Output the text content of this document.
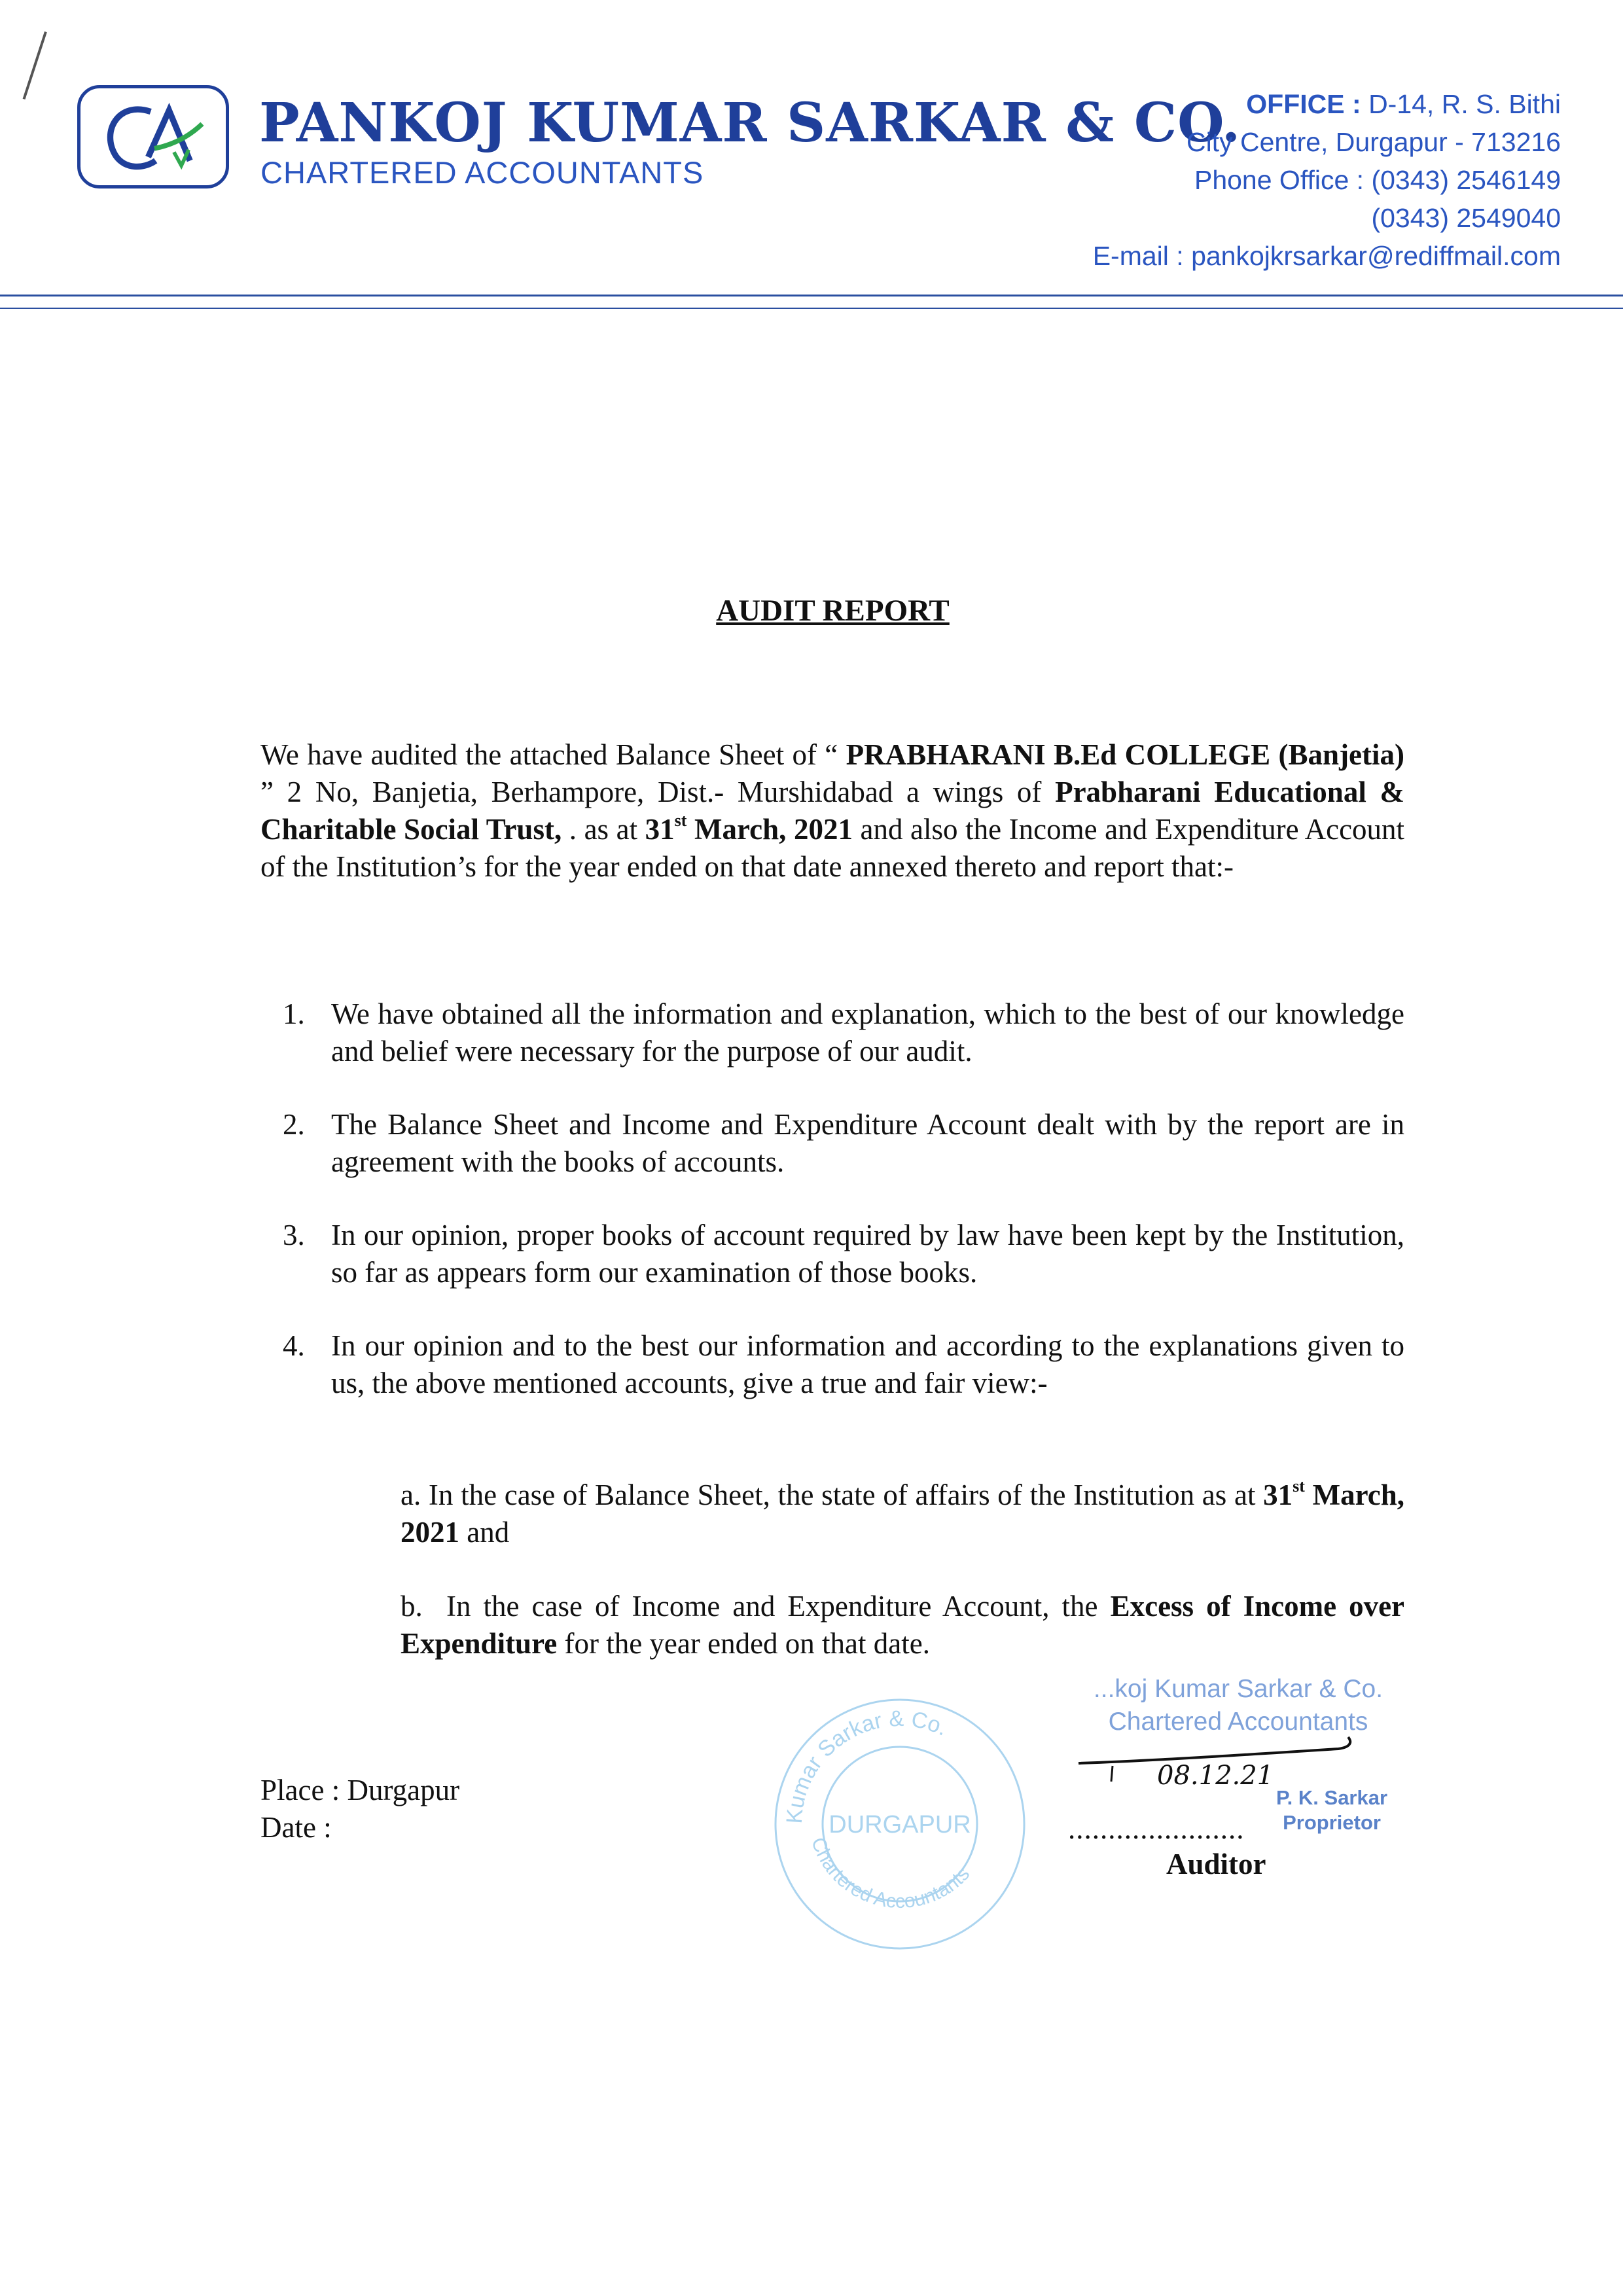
PANKOJ KUMAR SARKAR & CO.
CHARTERED ACCOUNTANTS
OFFICE : D-14, R. S. Bithi
City Centre, Durgapur - 713216
Phone Office : (0343) 2546149
(0343) 2549040
E-mail : pankojkrsarkar@rediffmail.com
AUDIT REPORT

We have audited the attached Balance Sheet of “ PRABHARANI B.Ed COLLEGE (Banjetia) ” 2 No, Banjetia, Berhampore, Dist.- Murshidabad a wings of Prabharani Educational & Charitable Social Trust, . as at 31st March, 2021 and also the Income and Expenditure Account of the Institution’s for the year ended on that date annexed thereto and report that:-

1. We have obtained all the information and explanation, which to the best of our knowledge and belief were necessary for the purpose of our audit.
2. The Balance Sheet and Income and Expenditure Account dealt with by the report are in agreement with the books of accounts.
3. In our opinion, proper books of account required by law have been kept by the Institution, so far as appears form our examination of those books.
4. In our opinion and to the best our information and according to the explanations given to us, the above mentioned accounts, give a true and fair view:-

a. In the case of Balance Sheet, the state of affairs of the Institution as at 31st March, 2021 and

b. In the case of Income and Expenditure Account, the Excess of Income over Expenditure for the year ended on that date.

Place : Durgapur
Date :	Kumar Sarkar & Co.
Chartered Accountants
DURGAPUR
...koj Kumar Sarkar & Co.
Chartered Accountants
08.12.21
P. K. Sarkar
Proprietor
......................
Auditor
